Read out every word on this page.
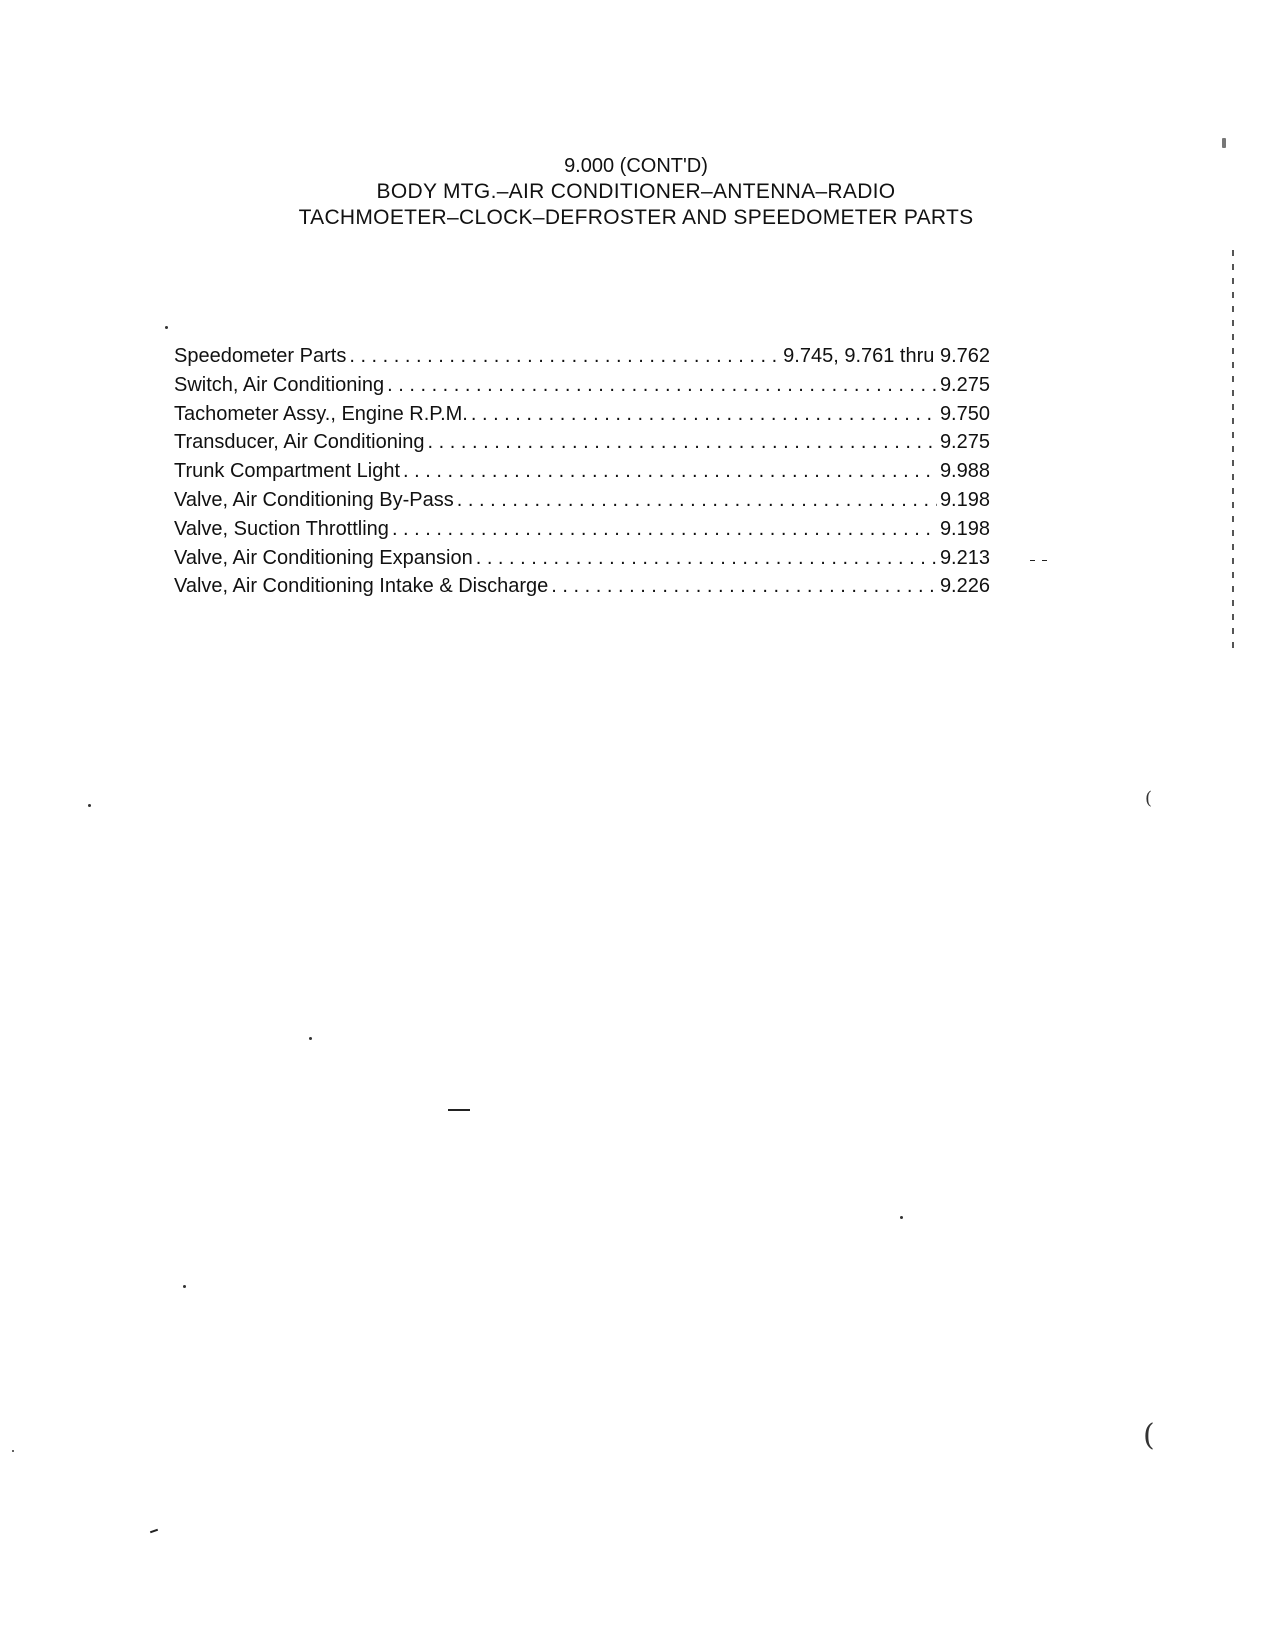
9.000 (CONT'D)
BODY MTG.–AIR CONDITIONER–ANTENNA–RADIO
TACHMOETER–CLOCK–DEFROSTER AND SPEEDOMETER PARTS
Speedometer Parts . . .	9.745, 9.761 thru 9.762
Switch, Air Conditioning . . .	9.275
Tachometer Assy., Engine R.P.M. . . .	9.750
Transducer, Air Conditioning . . .	9.275
Trunk Compartment Light . . .	9.988
Valve, Air Conditioning By-Pass . . .	9.198
Valve, Suction Throttling . . .	9.198
Valve, Air Conditioning Expansion . . .	9.213
Valve, Air Conditioning Intake & Discharge . . .	9.226
(
(
